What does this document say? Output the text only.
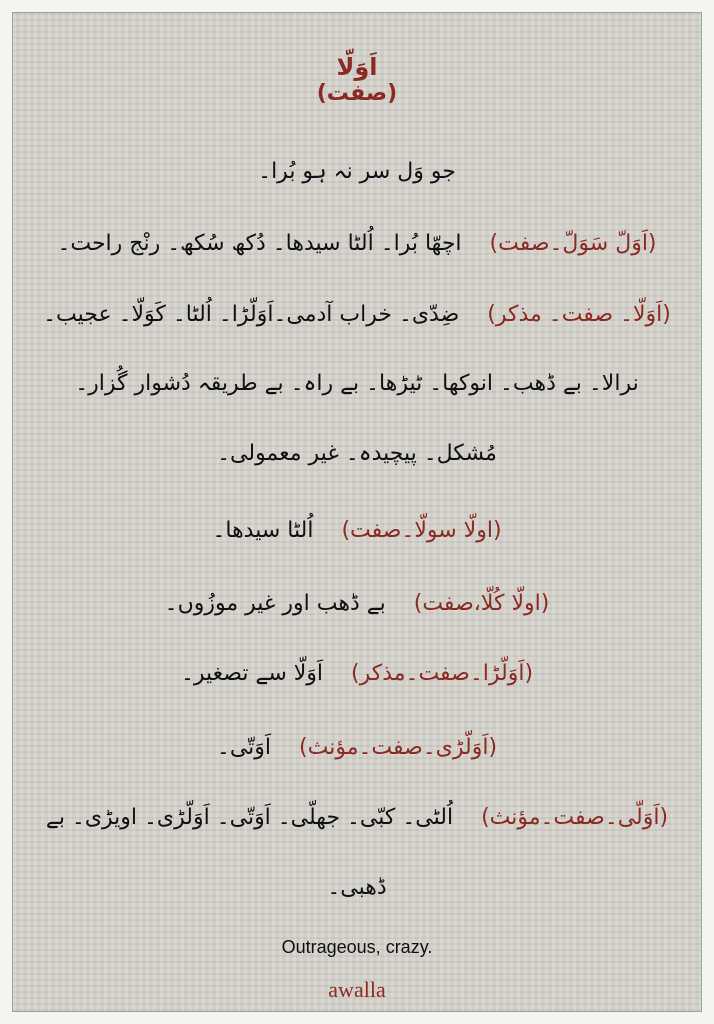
اَوَلّا
(صفت)
جو وَل سر نہ ہو بُرا۔
(اَوَلّ سَوَلّ۔صفت)    اچھّا بُرا۔ اُلٹا سیدھا۔ دُکھ سُکھ۔ رنْج راحت۔
(اَوَلّا۔ صفت۔ مذکر)    ضِدّی۔ خراب آدمی۔اَوَلّڑا۔ اُلٹا۔ کَوَلّا۔ عجیب۔
نرالا۔ بے ڈھب۔ انوکھا۔ ٹیڑھا۔ بے راہ۔ بے طریقہ دُشوار گُزار۔
مُشکل۔ پیچیدہ۔ غیر معمولی۔
(اولّا سولّا۔صفت)    اُلٹا سیدھا۔
(اولّا کُلّا،صفت)    بے ڈھب اور غیر موزُوں۔
(اَوَلّڑا۔صفت۔مذکر)    اَوَلّا سے تصغیر۔
(اَوَلّڑی۔صفت۔مؤنث)    اَوَتّی۔
(اَوَلّی۔صفت۔مؤنث)    اُلٹی۔ کبّی۔ جھلّی۔ اَوَتّی۔ اَوَلّڑی۔ اویڑی۔ بے
ڈھبی۔
Outrageous, crazy.
awalla
